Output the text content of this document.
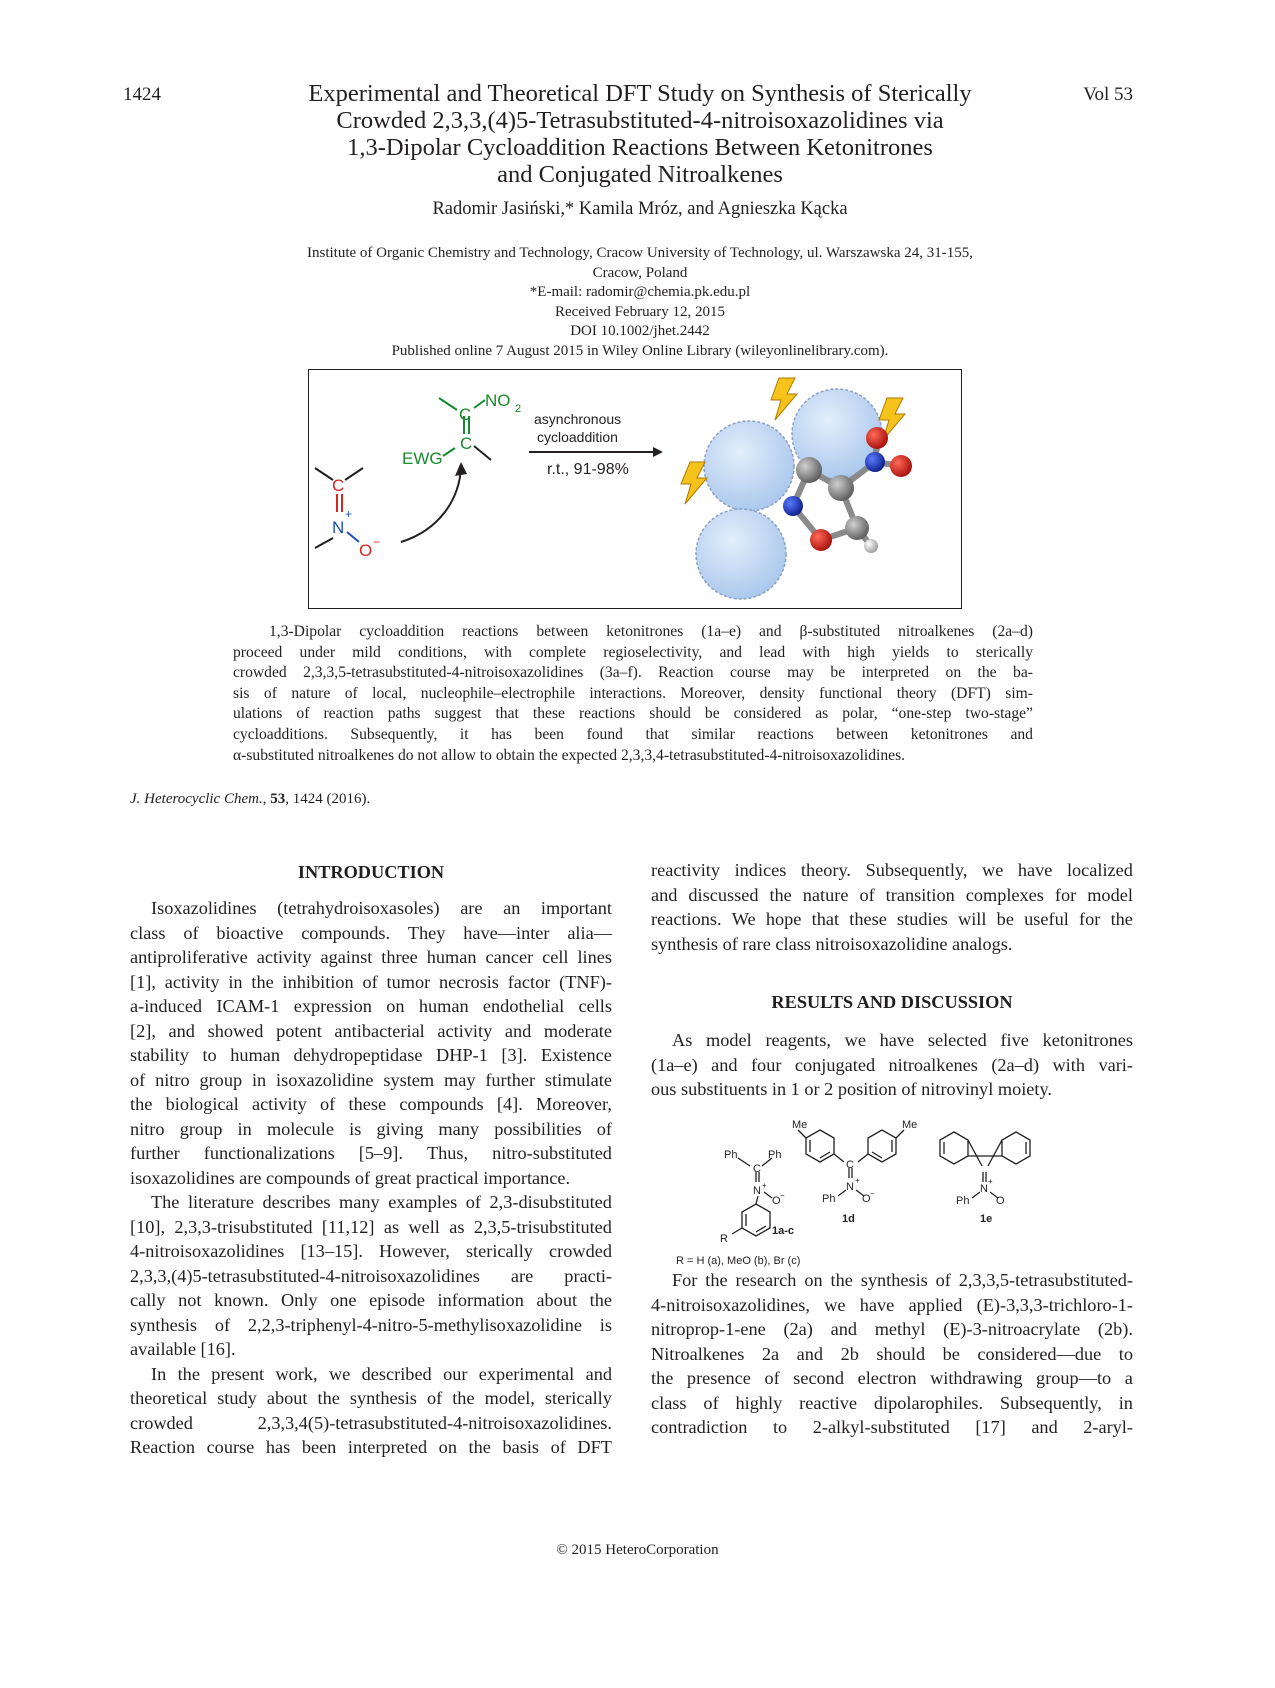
1424	Vol 53
Experimental and Theoretical DFT Study on Synthesis of Sterically
Crowded 2,3,3,(4)5-Tetrasubstituted-4-nitroisoxazolidines via
1,3-Dipolar Cycloaddition Reactions Between Ketonitrones
and Conjugated Nitroalkenes
Radomir Jasiński,* Kamila Mróz, and Agnieszka Kącka
Institute of Organic Chemistry and Technology, Cracow University of Technology, ul. Warszawska 24, 31-155,
Cracow, Poland
*E-mail: radomir@chemia.pk.edu.pl
Received February 12, 2015
DOI 10.1002/jhet.2442
Published online 7 August 2015 in Wiley Online Library (wileyonlinelibrary.com).
C
C
NO 2
EWG
C
N
+
O −
asynchronous
cycloaddition
r.t., 91-98%
1,3-Dipolar cycloaddition reactions between ketonitrones (1a–e) and β-substituted nitroalkenes (2a–d)
proceed under mild conditions, with complete regioselectivity, and lead with high yields to sterically
crowded 2,3,3,5-tetrasubstituted-4-nitroisoxazolidines (3a–f). Reaction course may be interpreted on the ba-
sis of nature of local, nucleophile–electrophile interactions. Moreover, density functional theory (DFT) sim-
ulations of reaction paths suggest that these reactions should be considered as polar, “one-step two-stage”
cycloadditions. Subsequently, it has been found that similar reactions between ketonitrones and
α-substituted nitroalkenes do not allow to obtain the expected 2,3,3,4-tetrasubstituted-4-nitroisoxazolidines.
J. Heterocyclic Chem., 53, 1424 (2016).
INTRODUCTION
Isoxazolidines (tetrahydroisoxasoles) are an important
class of bioactive compounds. They have—inter alia—
antiproliferative activity against three human cancer cell lines
[1], activity in the inhibition of tumor necrosis factor (TNF)-
a-induced ICAM-1 expression on human endothelial cells
[2], and showed potent antibacterial activity and moderate
stability to human dehydropeptidase DHP-1 [3]. Existence
of nitro group in isoxazolidine system may further stimulate
the biological activity of these compounds [4]. Moreover,
nitro group in molecule is giving many possibilities of
further functionalizations [5–9]. Thus, nitro-substituted
isoxazolidines are compounds of great practical importance.
The literature describes many examples of 2,3-disubstituted
[10], 2,3,3-trisubstituted [11,12] as well as 2,3,5-trisubstituted
4-nitroisoxazolidines [13–15]. However, sterically crowded
2,3,3,(4)5-tetrasubstituted-4-nitroisoxazolidines are practi-
cally not known. Only one episode information about the
synthesis of 2,2,3-triphenyl-4-nitro-5-methylisoxazolidine is
available [16].
In the present work, we described our experimental and
theoretical study about the synthesis of the model, sterically
crowded	2,3,3,4(5)-tetrasubstituted-4-nitroisoxazolidines.
Reaction course has been interpreted on the basis of DFT
reactivity indices theory. Subsequently, we have localized
and discussed the nature of transition complexes for model
reactions. We hope that these studies will be useful for the
synthesis of rare class nitroisoxazolidine analogs.
RESULTS AND DISCUSSION
As model reagents, we have selected five ketonitrones
(1a–e) and four conjugated nitroalkenes (2a–d) with vari-
ous substituents in 1 or 2 position of nitrovinyl moiety.
Ph	Ph
C
N +
O −
R
1a-c
Me	Me
C
N
+
Ph O −
1d
N
+
Ph O
1e
R = H (a), MeO (b), Br (c)
For the research on the synthesis of 2,3,3,5-tetrasubstituted-
4-nitroisoxazolidines, we have applied (E)-3,3,3-trichloro-1-
nitroprop-1-ene (2a) and methyl (E)-3-nitroacrylate (2b).
Nitroalkenes 2a and 2b should be considered—due to
the presence of second electron withdrawing group—to a
class of highly reactive dipolarophiles. Subsequently, in
contradiction to 2-alkyl-substituted [17] and 2-aryl-
© 2015 HeteroCorporation
